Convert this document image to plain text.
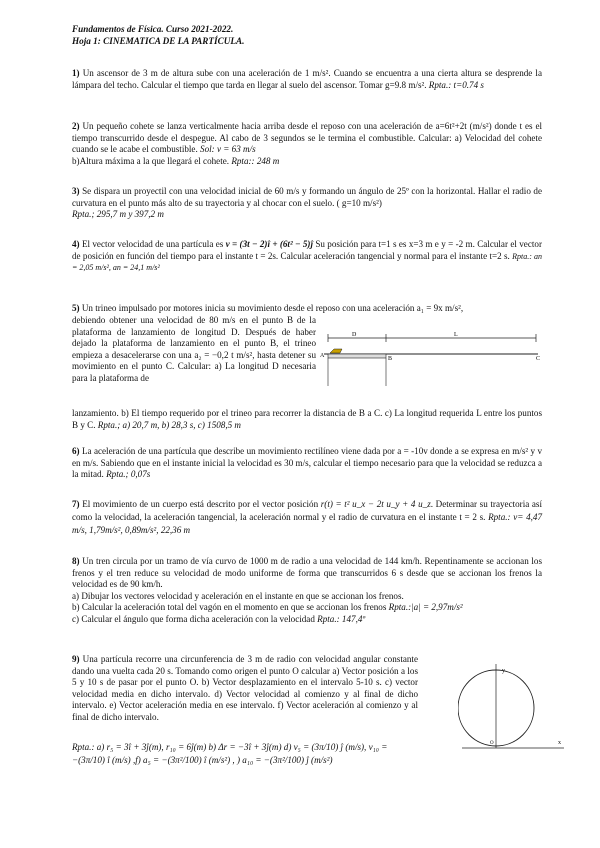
Fundamentos de Física. Curso 2021-2022.
Hoja 1: CINEMATICA DE LA PARTÍCULA.
1) Un ascensor de 3 m de altura sube con una aceleración de 1 m/s². Cuando se encuentra a una cierta altura se desprende la lámpara del techo. Calcular el tiempo que tarda en llegar al suelo del ascensor. Tomar g=9.8 m/s². Rpta.: t=0.74 s
2) Un pequeño cohete se lanza verticalmente hacia arriba desde el reposo con una aceleración de a=6t²+2t (m/s²) donde t es el tiempo transcurrido desde el despegue. Al cabo de 3 segundos se le termina el combustible. Calcular: a) Velocidad del cohete cuando se le acabe el combustible. Sol: v = 63 m/s
b)Altura máxima a la que llegará el cohete. Rpta:: 248 m
3) Se dispara un proyectil con una velocidad inicial de 60 m/s y formando un ángulo de 25º con la horizontal. Hallar el radio de curvatura en el punto más alto de su trayectoria y al chocar con el suelo. ( g=10 m/s²)
Rpta.; 295,7 m y 397,2 m
4) El vector velocidad de una partícula es v = (3t − 2)î + (6t² − 5)ĵ Su posición para t=1 s es x=3 m e y = -2 m. Calcular el vector de posición en función del tiempo para el instante t = 2s. Calcular aceleración tangencial y normal para el instante t=2 s. Rpta.: an = 2,05 m/s², an = 24,1 m/s²
5) Un trineo impulsado por motores inicia su movimiento desde el reposo con una aceleración a₁ = 9x m/s²,
debiendo obtener una velocidad de 80 m/s en el punto B de la plataforma de lanzamiento de longitud D. Después de haber dejado la plataforma de lanzamiento en el punto B, el trineo empieza a desacelerarse con una a₂ = −0,2 t m/s², hasta detener su movimiento en el punto C. Calcular: a) La longitud D necesaria para la plataforma de
lanzamiento. b) El tiempo requerido por el trineo para recorrer la distancia de B a C. c) La longitud requerida L entre los puntos B y C. Rpta.; a) 20,7 m, b) 28,3 s, c) 1508,5 m
D	L
A	B	C
6) La aceleración de una partícula que describe un movimiento rectilíneo viene dada por a = -10v donde a se expresa en m/s² y v en m/s. Sabiendo que en el instante inicial la velocidad es 30 m/s, calcular el tiempo necesario para que la velocidad se reduzca a la mitad. Rpta.; 0,07s
7) El movimiento de un cuerpo está descrito por el vector posición r(t) = t² u_x − 2t u_y + 4 u_z. Determinar su trayectoria así como la velocidad, la aceleración tangencial, la aceleración normal y el radio de curvatura en el instante t = 2 s. Rpta.: v= 4,47 m/s, 1,79m/s², 0,89m/s², 22,36 m
8) Un tren circula por un tramo de vía curvo de 1000 m de radio a una velocidad de 144 km/h. Repentinamente se accionan los frenos y el tren reduce su velocidad de modo uniforme de forma que transcurridos 6 s desde que se accionan los frenos la velocidad es de 90 km/h.
a) Dibujar los vectores velocidad y aceleración en el instante en que se accionan los frenos.
b) Calcular la aceleración total del vagón en el momento en que se accionan los frenos Rpta.:|a| = 2,97m/s²
c) Calcular el ángulo que forma dicha aceleración con la velocidad Rpta.: 147,4º
9) Una partícula recorre una circunferencia de 3 m de radio con velocidad angular constante dando una vuelta cada 20 s. Tomando como origen el punto O calcular a) Vector posición a los 5 y 10 s de pasar por el punto O. b) Vector desplazamiento en el intervalo 5-10 s. c) vector velocidad media en dicho intervalo. d) Vector velocidad al comienzo y al final de dicho intervalo. e) Vector aceleración media en ese intervalo. f) Vector aceleración al comienzo y al final de dicho intervalo.
Rpta.: a) r₅ = 3î + 3ĵ(m), r₁₀ = 6ĵ(m) b) Δr = −3î + 3ĵ(m) d) v₅ = (3π/10) ĵ (m/s), v₁₀ =
−(3π/10) î (m/s) ,f) a₅ = −(3π²/100) î (m/s²) , ) a₁₀ = −(3π²/100) ĵ (m/s²)
y
x
O
